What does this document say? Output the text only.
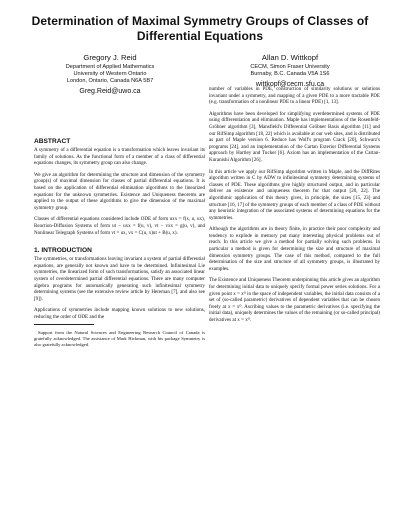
Determination of Maximal Symmetry Groups of Classes of
Differential Equations
Gregory J. Reid
Department of Applied Mathematics
University of Western Ontario
London, Ontario, Canada N6A 5B7
Greg.Reid@uwo.ca
Allan D. Wittkopf
CECM, Simon Fraser University
Burnaby, B.C. Canada V5A 1S6
wittkopf@cecm.sfu.ca
ABSTRACT

A symmetry of a differential equation is a transformation which leaves invariant its family of solutions. As the functional form of a member of a class of differential equations changes, its symmetry group can also change.

We give an algorithm for determining the structure and dimension of the symmetry group(s) of maximal dimension for classes of partial differential equations. It is based on the application of differential elimination algorithms to the linearized equations for the unknown symmetries. Existence and Uniqueness theorems are applied to the output of these algorithms to give the dimension of the maximal symmetry group.

Classes of differential equations considered include ODE of form uxx = f(x, u, ux), Reaction-Diffusion Systems of form ut − uxx = f(u, v), vt − vxx = g(u, v), and Nonlinear Telegraph Systems of form vt = ux, vx = C(u, x)ut + B(u, x).

1. INTRODUCTION

The symmetries, or transformations leaving invariant a system of partial differential equations, are generally not known and have to be determined. Infinitesimal Lie symmetries, the linearized form of such transformations, satisfy an associated linear system of overdetermined partial differential equations. There are many computer algebra programs for automatically generating such infinitesimal symmetry determining systems (see the extensive review article by Hereman [7], and also see [9]).

Applications of symmetries include mapping known solutions to new solutions, reducing the order of ODE and the

Support from the Natural Sciences and Engineering Research Council of Canada is gratefully acknowledged. The assistance of Mark Hickman, with his package Symmetry is also gratefully acknowledged.

number of variables in PDE, construction of similarity solutions or solutions invariant under a symmetry, and mapping of a given PDE to a more tractable PDE (e.g. transformation of a nonlinear PDE to a linear PDE) [1, 13].

Algorithms have been developed for simplifying overdetermined systems of PDE using differentiation and elimination. Maple has implementations of the Rosenfeld-Gröbner algorithm [3], Mansfield's Differential Gröbner Basis algorithm [11] and our RifSimp algorithm [18, 22] which is available at our web sites, and is distributed as part of Maple version 6. Reduce has Wolf's program Crack [20], Schwarz's programs [24], and an implementation of the Cartan Exterior Differential Systems approach by Hartley and Tucker [6]. Axiom has an implementation of the Cartan-Kuranishi Algorithm [26].

In this article we apply our RifSimp algorithm written in Maple, and the DiffRites algorithm written in C by ADW to infinitesimal symmetry determining systems of classes of PDE. These algorithms give highly structured output, and in particular deliver an existence and uniqueness theorem for that output [20, 22]. The algorithmic application of this theory gives, in principle, the sizes [15, 23] and structure [16, 17] of the symmetry groups of each member of a class of PDE without any heuristic integration of the associated systems of determining equations for the symmetries.

Although the algorithms are in theory finite, in practice their poor complexity and tendency to explode in memory put many interesting physical problems out of reach. In this article we give a method for partially solving such problems. In particular a method is given for determining the size and structure of maximal dimension symmetry groups. The case of this method, compared to the full determination of the size and structure of all symmetry groups, is illustrated by examples.

The Existence and Uniqueness Theorem underpinning this article gives an algorithm for determining initial data to uniquely specify formal power series solutions. For a given point x = x⁰ in the space of independent variables, the initial data consists of a set of (so-called parametric) derivatives of dependent variables that can be chosen freely at x = x⁰. Ascribing values to the parametric derivatives (i.e. specifying the initial data), uniquely determines the values of the remaining (or so-called principal) derivatives at x = x⁰.
